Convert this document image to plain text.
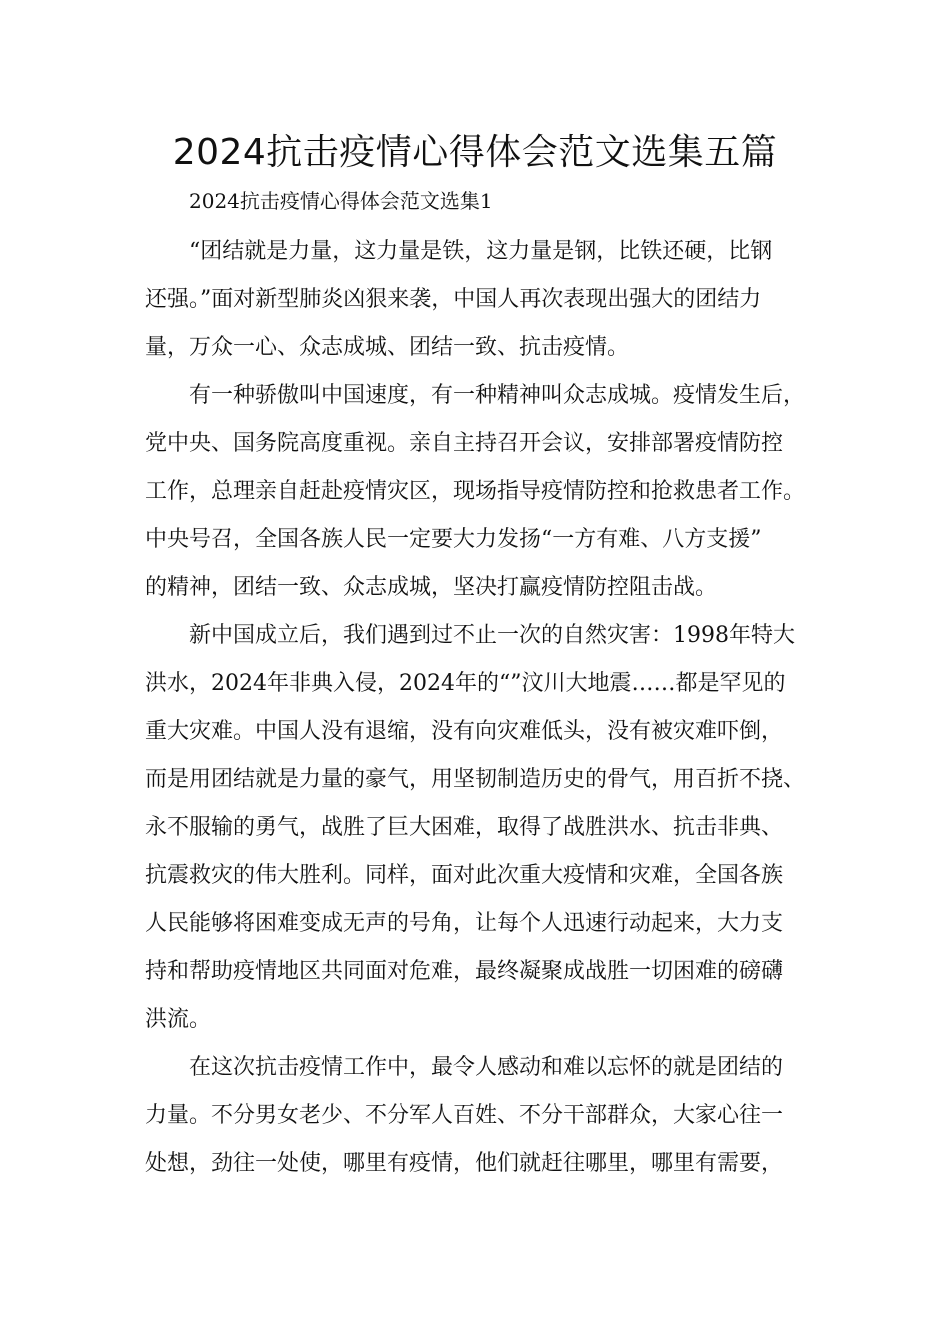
2024抗击疫情心得体会范文选集五篇

2024抗击疫情心得体会范文选集1

“团结就是力量，这力量是铁，这力量是钢，比铁还硬，比钢
还强。”面对新型肺炎凶狠来袭，中国人再次表现出强大的团结力
量，万众一心、众志成城、团结一致、抗击疫情。

有一种骄傲叫中国速度，有一种精神叫众志成城。疫情发生后，
党中央、国务院高度重视。亲自主持召开会议，安排部署疫情防控
工作，总理亲自赶赴疫情灾区，现场指导疫情防控和抢救患者工作。
中央号召，全国各族人民一定要大力发扬“一方有难、八方支援”
的精神，团结一致、众志成城，坚决打赢疫情防控阻击战。

新中国成立后，我们遇到过不止一次的自然灾害：1998年特大
洪水，2024年非典入侵，2024年的“”汶川大地震……都是罕见的
重大灾难。中国人没有退缩，没有向灾难低头，没有被灾难吓倒，
而是用团结就是力量的豪气，用坚韧制造历史的骨气，用百折不挠、
永不服输的勇气，战胜了巨大困难，取得了战胜洪水、抗击非典、
抗震救灾的伟大胜利。同样，面对此次重大疫情和灾难，全国各族
人民能够将困难变成无声的号角，让每个人迅速行动起来，大力支
持和帮助疫情地区共同面对危难，最终凝聚成战胜一切困难的磅礴
洪流。

在这次抗击疫情工作中，最令人感动和难以忘怀的就是团结的
力量。不分男女老少、不分军人百姓、不分干部群众，大家心往一
处想，劲往一处使，哪里有疫情，他们就赶往哪里，哪里有需要，
